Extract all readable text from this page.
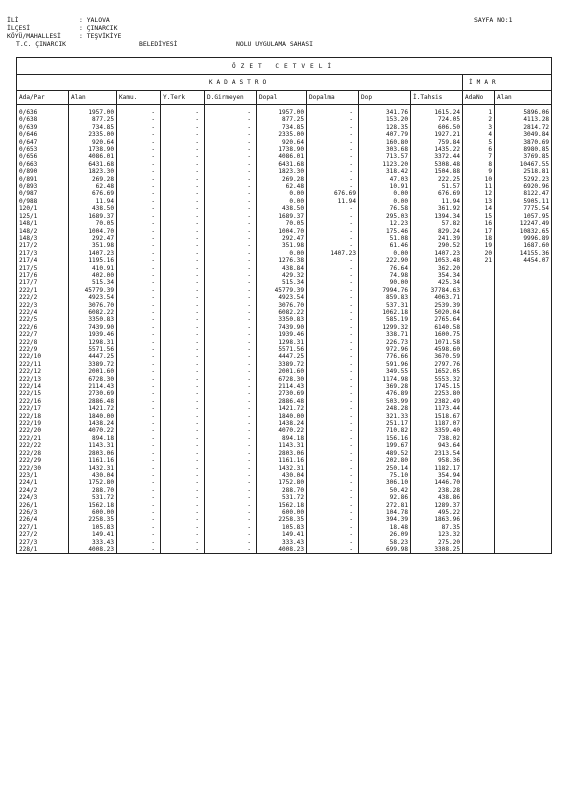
İLİ	: YALOVA	SAYFA NO:1
İLÇESİ	: ÇINARCIK
KÖYÜ/MAHALLESİ	: TEŞVİKİYE
T.C. ÇINARCIK	BELEDİYESİ	NOLU UYGULAMA SAHASI
ÖZET CETVELİ										
KADASTRO									İMAR	
Ada/Par	Alan	Kamu.	Y.Terk	D.Girmeyen	Dopal	Dopalma	Dop	İ.Tahsis	AdaNo	Alan

0/636	1957.00	-	-	-	1957.00	-	341.76	1615.24	1	5896.06
0/638	877.25	-	-	-	877.25	-	153.20	724.05	2	4113.28
0/639	734.85	-	-	-	734.85	-	128.35	606.50	3	2814.72
0/646	2335.00	-	-	-	2335.00	-	407.79	1927.21	4	3049.84
0/647	920.64	-	-	-	920.64	-	160.80	759.84	5	3870.69
0/653	1738.90	-	-	-	1738.90	-	303.68	1435.22	6	8980.85
0/656	4086.01	-	-	-	4086.01	-	713.57	3372.44	7	3769.85
0/663	6431.68	-	-	-	6431.68	-	1123.20	5308.48	8	10467.55
0/890	1823.30	-	-	-	1823.30	-	318.42	1504.88	9	2518.81
0/891	269.28	-	-	-	269.28	-	47.03	222.25	10	5292.23
0/893	62.48	-	-	-	62.48	-	10.91	51.57	11	6920.96
0/987	676.69	-	-	-	0.00	676.69	0.00	676.69	12	8122.47
0/988	11.94	-	-	-	0.00	11.94	0.00	11.94	13	5905.11
120/1	438.50	-	-	-	438.50	-	76.58	361.92	14	7775.54
125/1	1689.37	-	-	-	1689.37	-	295.03	1394.34	15	1057.95
148/1	70.05	-	-	-	70.05	-	12.23	57.82	16	12247.49
148/2	1004.70	-	-	-	1004.70	-	175.46	829.24	17	10832.65
148/3	292.47	-	-	-	292.47	-	51.08	241.39	18	9996.89
217/2	351.98	-	-	-	351.98	-	61.46	290.52	19	1687.60
217/3	1407.23	-	-	-	0.00	1407.23	0.00	1407.23	20	14155.36
217/4	1195.16	-	-	-	1276.38	-	222.90	1053.48	21	4454.07
217/5	410.91	-	-	-	438.84	-	76.64	362.20		
217/6	402.00	-	-	-	429.32	-	74.98	354.34		
217/7	515.34	-	-	-	515.34	-	90.00	425.34		
222/1	45779.39	-	-	-	45779.39	-	7994.76	37784.63		
222/2	4923.54	-	-	-	4923.54	-	859.83	4063.71		
222/3	3076.70	-	-	-	3076.70	-	537.31	2539.39		
222/4	6082.22	-	-	-	6082.22	-	1062.18	5020.04		
222/5	3350.83	-	-	-	3350.83	-	585.19	2765.64		
222/6	7439.90	-	-	-	7439.90	-	1299.32	6140.58		
222/7	1939.46	-	-	-	1939.46	-	338.71	1600.75		
222/8	1298.31	-	-	-	1298.31	-	226.73	1071.58		
222/9	5571.56	-	-	-	5571.56	-	972.96	4598.60		
222/10	4447.25	-	-	-	4447.25	-	776.66	3670.59		
222/11	3389.72	-	-	-	3389.72	-	591.96	2797.76		
222/12	2001.60	-	-	-	2001.60	-	349.55	1652.05		
222/13	6728.30	-	-	-	6728.30	-	1174.98	5553.32		
222/14	2114.43	-	-	-	2114.43	-	369.28	1745.15		
222/15	2730.69	-	-	-	2730.69	-	476.89	2253.80		
222/16	2886.48	-	-	-	2886.48	-	503.99	2382.49		
222/17	1421.72	-	-	-	1421.72	-	248.28	1173.44		
222/18	1840.00	-	-	-	1840.00	-	321.33	1518.67		
222/19	1438.24	-	-	-	1438.24	-	251.17	1187.07		
222/20	4070.22	-	-	-	4070.22	-	710.82	3359.40		
222/21	894.18	-	-	-	894.18	-	156.16	738.02		
222/22	1143.31	-	-	-	1143.31	-	199.67	943.64		
222/28	2803.06	-	-	-	2803.06	-	489.52	2313.54		
222/29	1161.16	-	-	-	1161.16	-	202.80	958.36		
222/30	1432.31	-	-	-	1432.31	-	250.14	1182.17		
223/1	430.04	-	-	-	430.04	-	75.10	354.94		
224/1	1752.80	-	-	-	1752.80	-	306.10	1446.70		
224/2	288.70	-	-	-	288.70	-	50.42	238.28		
224/3	531.72	-	-	-	531.72	-	92.86	438.86		
226/1	1562.18	-	-	-	1562.18	-	272.81	1289.37		
226/3	600.00	-	-	-	600.00	-	104.78	495.22		
226/4	2258.35	-	-	-	2258.35	-	394.39	1863.96		
227/1	105.83	-	-	-	105.83	-	18.48	87.35		
227/2	149.41	-	-	-	149.41	-	26.09	123.32		
227/3	333.43	-	-	-	333.43	-	58.23	275.20		
228/1	4008.23	-	-	-	4008.23	-	699.98	3308.25		
